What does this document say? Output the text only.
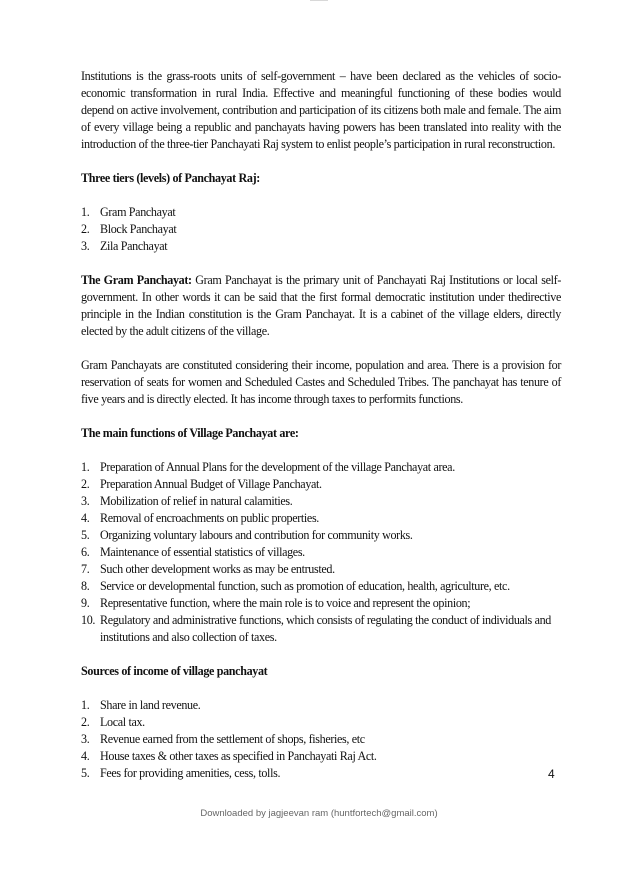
Institutions is the grass-roots units of self-government – have been declared as the vehicles of socio-economic transformation in rural India. Effective and meaningful functioning of these bodies would depend on active involvement, contribution and participation of its citizens both male and female. The aim of every village being a republic and panchayats having powers has been translated into reality with the introduction of the three-tier Panchayati Raj system to enlist people’s participation in rural reconstruction.

Three tiers (levels) of Panchayat Raj:

1. Gram Panchayat
2. Block Panchayat
3. Zila Panchayat

The Gram Panchayat: Gram Panchayat is the primary unit of Panchayati Raj Institutions or local self-government. In other words it can be said that the first formal democratic institution under thedirective principle in the Indian constitution is the Gram Panchayat. It is a cabinet of the village elders, directly elected by the adult citizens of the village.

Gram Panchayats are constituted considering their income, population and area. There is a provision for reservation of seats for women and Scheduled Castes and Scheduled Tribes. The panchayat has tenure of five years and is directly elected. It has income through taxes to performits functions.

The main functions of Village Panchayat are:

1. Preparation of Annual Plans for the development of the village Panchayat area.
2. Preparation Annual Budget of Village Panchayat.
3. Mobilization of relief in natural calamities.
4. Removal of encroachments on public properties.
5. Organizing voluntary labours and contribution for community works.
6. Maintenance of essential statistics of villages.
7. Such other development works as may be entrusted.
8. Service or developmental function, such as promotion of education, health, agriculture, etc.
9. Representative function, where the main role is to voice and represent the opinion;
10. Regulatory and administrative functions, which consists of regulating the conduct of individuals and institutions and also collection of taxes.

Sources of income of village panchayat

1. Share in land revenue.
2. Local tax.
3. Revenue earned from the settlement of shops, fisheries, etc
4. House taxes & other taxes as specified in Panchayati Raj Act.
5. Fees for providing amenities, cess, tolls.	4
Downloaded by jagjeevan ram (huntfortech@gmail.com)
